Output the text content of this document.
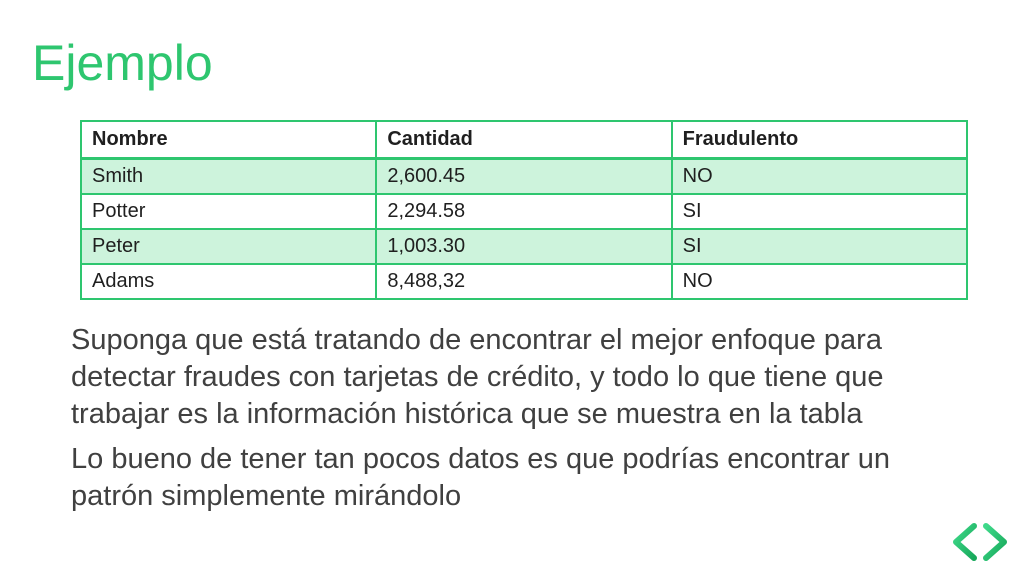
Ejemplo
Nombre	Cantidad	Fraudulento
Smith	2,600.45	NO
Potter	2,294.58	SI
Peter	1,003.30	SI
Adams	8,488,32	NO

Suponga que está tratando de encontrar el mejor enfoque para detectar fraudes con tarjetas de crédito, y todo lo que tiene que trabajar es la información histórica que se muestra en la tabla

Lo bueno de tener tan pocos datos es que podrías encontrar un patrón simplemente mirándolo
